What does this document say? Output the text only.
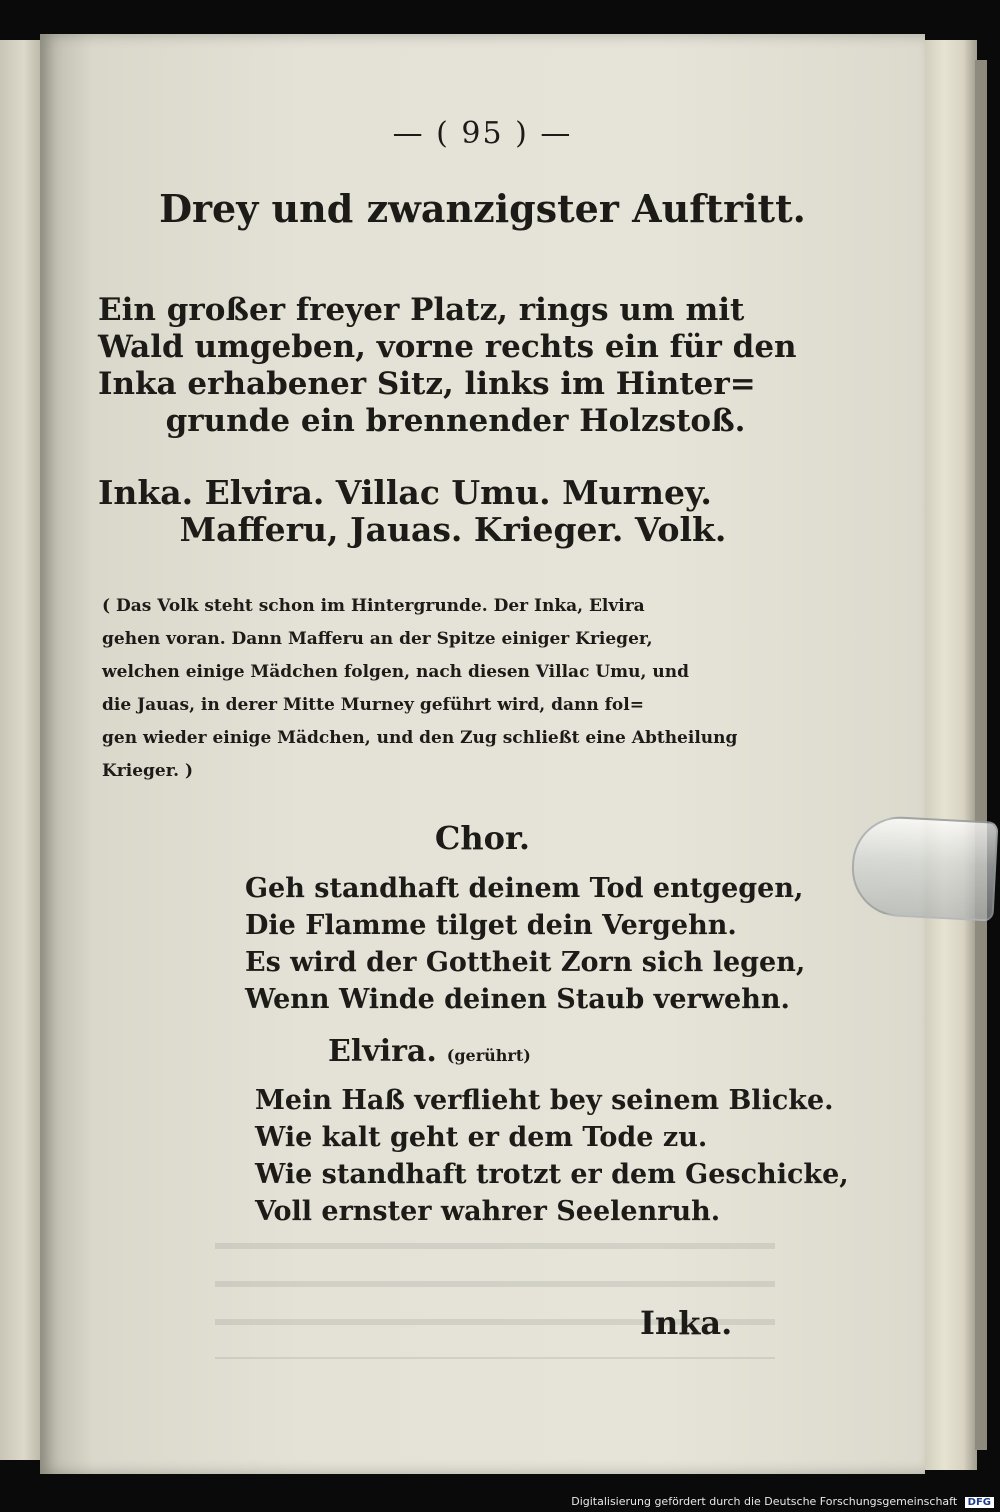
— ( 95 ) —
Drey und zwanzigster Auftritt.
Ein großer freyer Platz, rings um mit
Wald umgeben, vorne rechts ein für den
Inka erhabener Sitz, links im Hinter=
grunde ein brennender Holzstoß.
Inka. Elvira. Villac Umu. Murney.
Mafferu, Jauas. Krieger. Volk.
( Das Volk steht schon im Hintergrunde. Der Inka, Elvira
gehen voran. Dann Mafferu an der Spitze einiger Krieger,
welchen einige Mädchen folgen, nach diesen Villac Umu, und
die Jauas, in derer Mitte Murney geführt wird, dann fol=
gen wieder einige Mädchen, und den Zug schließt eine Abtheilung
Krieger. )
Chor.
Geh standhaft deinem Tod entgegen,
Die Flamme tilget dein Vergehn.
Es wird der Gottheit Zorn sich legen,
Wenn Winde deinen Staub verwehn.
Elvira. (gerührt)
Mein Haß verflieht bey seinem Blicke.
Wie kalt geht er dem Tode zu.
Wie standhaft trotzt er dem Geschicke,
Voll ernster wahrer Seelenruh.
Inka.
Digitalisierung gefördert durch die Deutsche Forschungsgemeinschaft DFG
